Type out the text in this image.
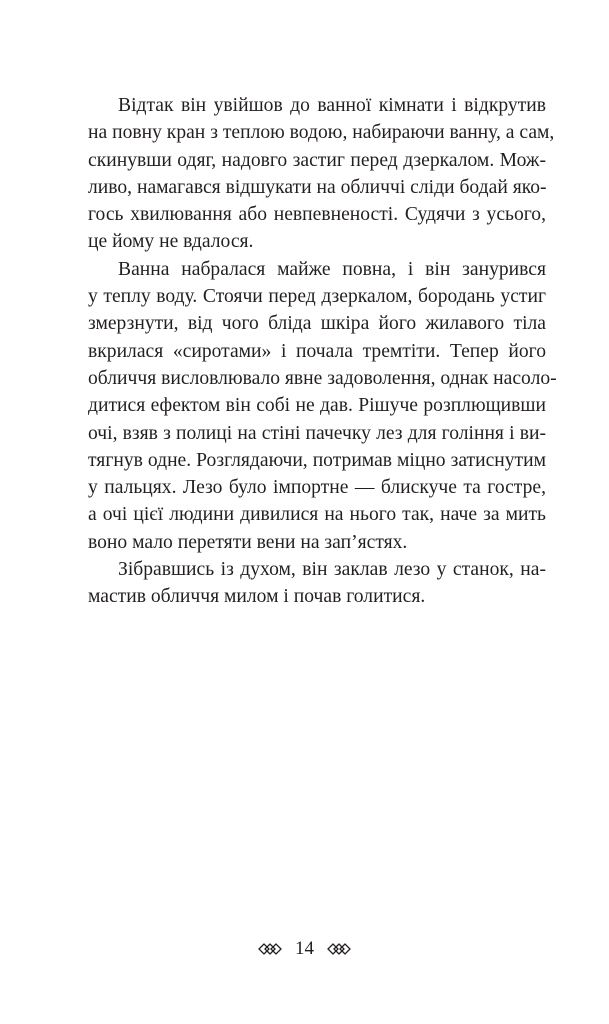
Відтак він увійшов до ванної кімнати і відкрутив
на повну кран з теплою водою, набираючи ванну, а сам,
скинувши одяг, надовго застиг перед дзеркалом. Мож-
ливо, намагався відшукати на обличчі сліди бодай яко-
гось хвилювання або невпевненості. Судячи з усього,
це йому не вдалося.
Ванна набралася майже повна, і він занурився
у теплу воду. Стоячи перед дзеркалом, бородань устиг
змерзнути, від чого бліда шкіра його жилавого тіла
вкрилася «сиротами» і почала тремтіти. Тепер його
обличчя висловлювало явне задоволення, однак насоло-
дитися ефектом він собі не дав. Рішуче розплющивши
очі, взяв з полиці на стіні пачечку лез для гоління і ви-
тягнув одне. Розглядаючи, потримав міцно затиснутим
у пальцях. Лезо було імпортне — блискуче та гостре,
а очі цієї людини дивилися на нього так, наче за мить
воно мало перетяти вени на зап’ястях.
Зібравшись із духом, він заклав лезо у станок, на-
мастив обличчя милом і почав голитися.
14
